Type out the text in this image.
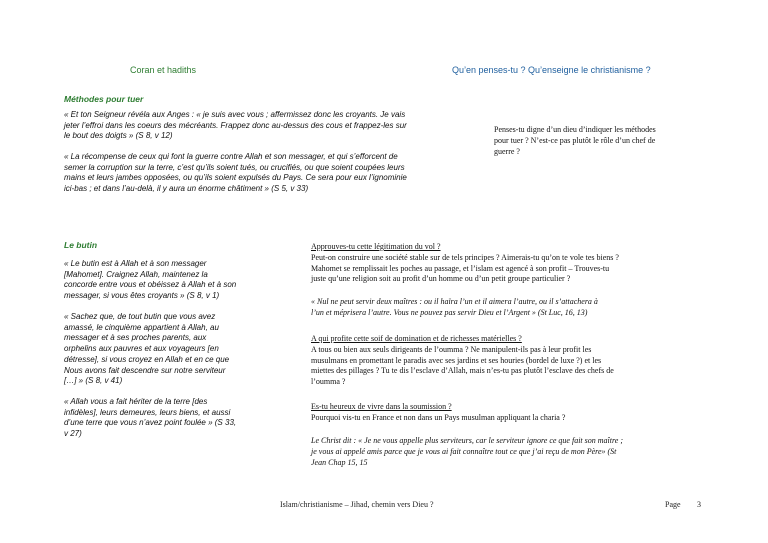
Coran et hadiths	Qu’en penses-tu ? Qu’enseigne le christianisme ?
Méthodes pour tuer

« Et ton Seigneur révéla aux Anges : « je suis avec vous ; affermissez donc les croyants. Je vais

jeter l’effroi dans les coeurs des mécréants. Frappez donc au-dessus des cous et frappez-les sur

le bout des doigts » (S 8, v 12)

« La récompense de ceux qui font la guerre contre Allah et son messager, et qui s’efforcent de

semer la corruption sur la terre, c’est qu’ils soient tués, ou crucifiés, ou que soient coupées leurs

mains et leurs jambes opposées, ou qu’ils soient expulsés du Pays. Ce sera pour eux l’ignominie

ici-bas ; et dans l’au-delà, il y aura un énorme châtiment » (S 5, v 33)

Penses-tu digne d’un dieu d’indiquer les méthodes

pour tuer ? N’est-ce pas plutôt le rôle d’un chef de

guerre ?

Le butin

« Le butin est à Allah et à son messager

[Mahomet]. Craignez Allah, maintenez la

concorde entre vous et obéissez à Allah et à son

messager, si vous êtes croyants » (S 8, v 1)

« Sachez que, de tout butin que vous avez

amassé, le cinquième appartient à Allah, au

messager et à ses proches parents, aux

orphelins aux pauvres et aux voyageurs [en

détresse], si vous croyez en Allah et en ce que

Nous avons fait descendre sur notre serviteur

[…] » (S 8, v 41)

« Allah vous a fait hériter de la terre [des

infidèles], leurs demeures, leurs biens, et aussi

d’une terre que vous n’avez point foulée » (S 33,

v 27)

Approuves-tu cette légitimation du vol ?

Peut-on construire une société stable sur de tels principes ? Aimerais-tu qu’on te vole tes biens ?

Mahomet se remplissait les poches au passage, et l’islam est agencé à son profit – Trouves-tu

juste qu’une religion soit au profit d’un homme ou d’un petit groupe particulier ?

« Nul ne peut servir deux maîtres : ou il haïra l’un et il aimera l’autre, ou il s’attachera à

l’un et méprisera l’autre. Vous ne pouvez pas servir Dieu et l’Argent » (St Luc, 16, 13)

A qui profite cette soif de domination et de richesses matérielles ?

A tous ou bien aux seuls dirigeants de l’oumma ? Ne manipulent-ils pas à leur profit les

musulmans en promettant le paradis avec ses jardins et ses houries (bordel de luxe ?) et les

miettes des pillages ? Tu te dis l’esclave d’Allah, mais n’es-tu pas plutôt l’esclave des chefs de

l’oumma ?

Es-tu heureux de vivre dans la soumission ?

Pourquoi vis-tu en France et non dans un Pays musulman appliquant la charia ?

Le Christ dit : « Je ne vous appelle plus serviteurs, car le serviteur ignore ce que fait son maître ;

je vous ai appelé amis parce que je vous ai fait connaître tout ce que j’ai reçu de mon Père» (St

Jean Chap 15, 15

Islam/christianisme – Jihad, chemin vers Dieu ?	Page 3
